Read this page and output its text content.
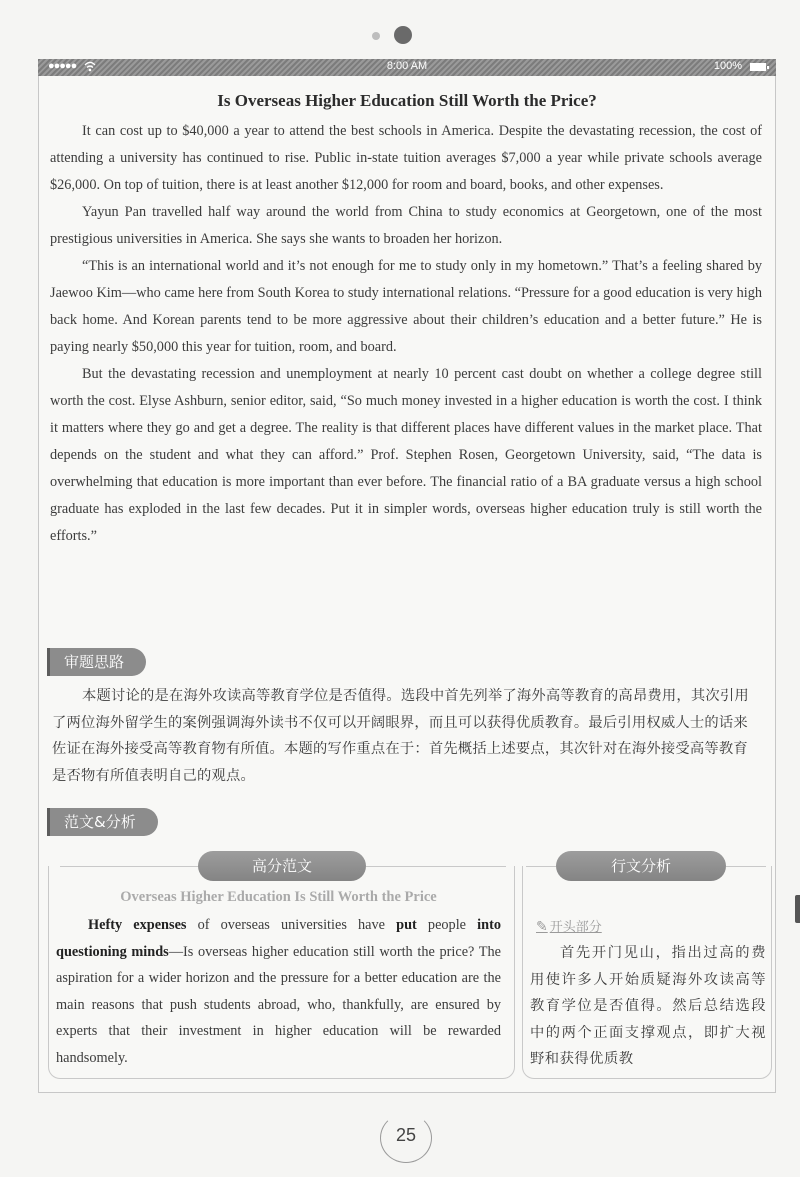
●●●●●	8:00 AM	100%
Is Overseas Higher Education Still Worth the Price?

It can cost up to $40,000 a year to attend the best schools in America. Despite the devastating recession, the cost of attending a university has continued to rise. Public in-state tuition averages $7,000 a year while private schools average $26,000. On top of tuition, there is at least another $12,000 for room and board, books, and other expenses.

Yayun Pan travelled half way around the world from China to study economics at Georgetown, one of the most prestigious universities in America. She says she wants to broaden her horizon.

“This is an international world and it’s not enough for me to study only in my hometown.” That’s a feeling shared by Jaewoo Kim—who came here from South Korea to study international relations. “Pressure for a good education is very high back home. And Korean parents tend to be more aggressive about their children’s education and a better future.” He is paying nearly $50,000 this year for tuition, room, and board.

But the devastating recession and unemployment at nearly 10 percent cast doubt on whether a college degree still worth the cost. Elyse Ashburn, senior editor, said, “So much money invested in a higher education is worth the cost. I think it matters where they go and get a degree. The reality is that different places have different values in the market place. That depends on the student and what they can afford.” Prof. Stephen Rosen, Georgetown University, said, “The data is overwhelming that education is more important than ever before. The financial ratio of a BA graduate versus a high school graduate has exploded in the last few decades. Put it in simpler words, overseas higher education truly is still worth the efforts.”

审题思路

本题讨论的是在海外攻读高等教育学位是否值得。选段中首先列举了海外高等教育的高昂费用，其次引用了两位海外留学生的案例强调海外读书不仅可以开阔眼界，而且可以获得优质教育。最后引用权威人士的话来佐证在海外接受高等教育物有所值。本题的写作重点在于：首先概括上述要点，其次针对在海外接受高等教育是否物有所值表明自己的观点。

范文&分析
高分范文	行文分析
Overseas Higher Education Is Still Worth the Price

Hefty expenses of overseas universities have put people into questioning minds—Is overseas higher education still worth the price? The aspiration for a wider horizon and the pressure for a better education are the main reasons that push students abroad, who, thankfully, are ensured by experts that their investment in higher education will be rewarded handsomely.

✎ 开头部分

首先开门见山，指出过高的费用使许多人开始质疑海外攻读高等教育学位是否值得。然后总结选段中的两个正面支撑观点，即扩大视野和获得优质教

25
